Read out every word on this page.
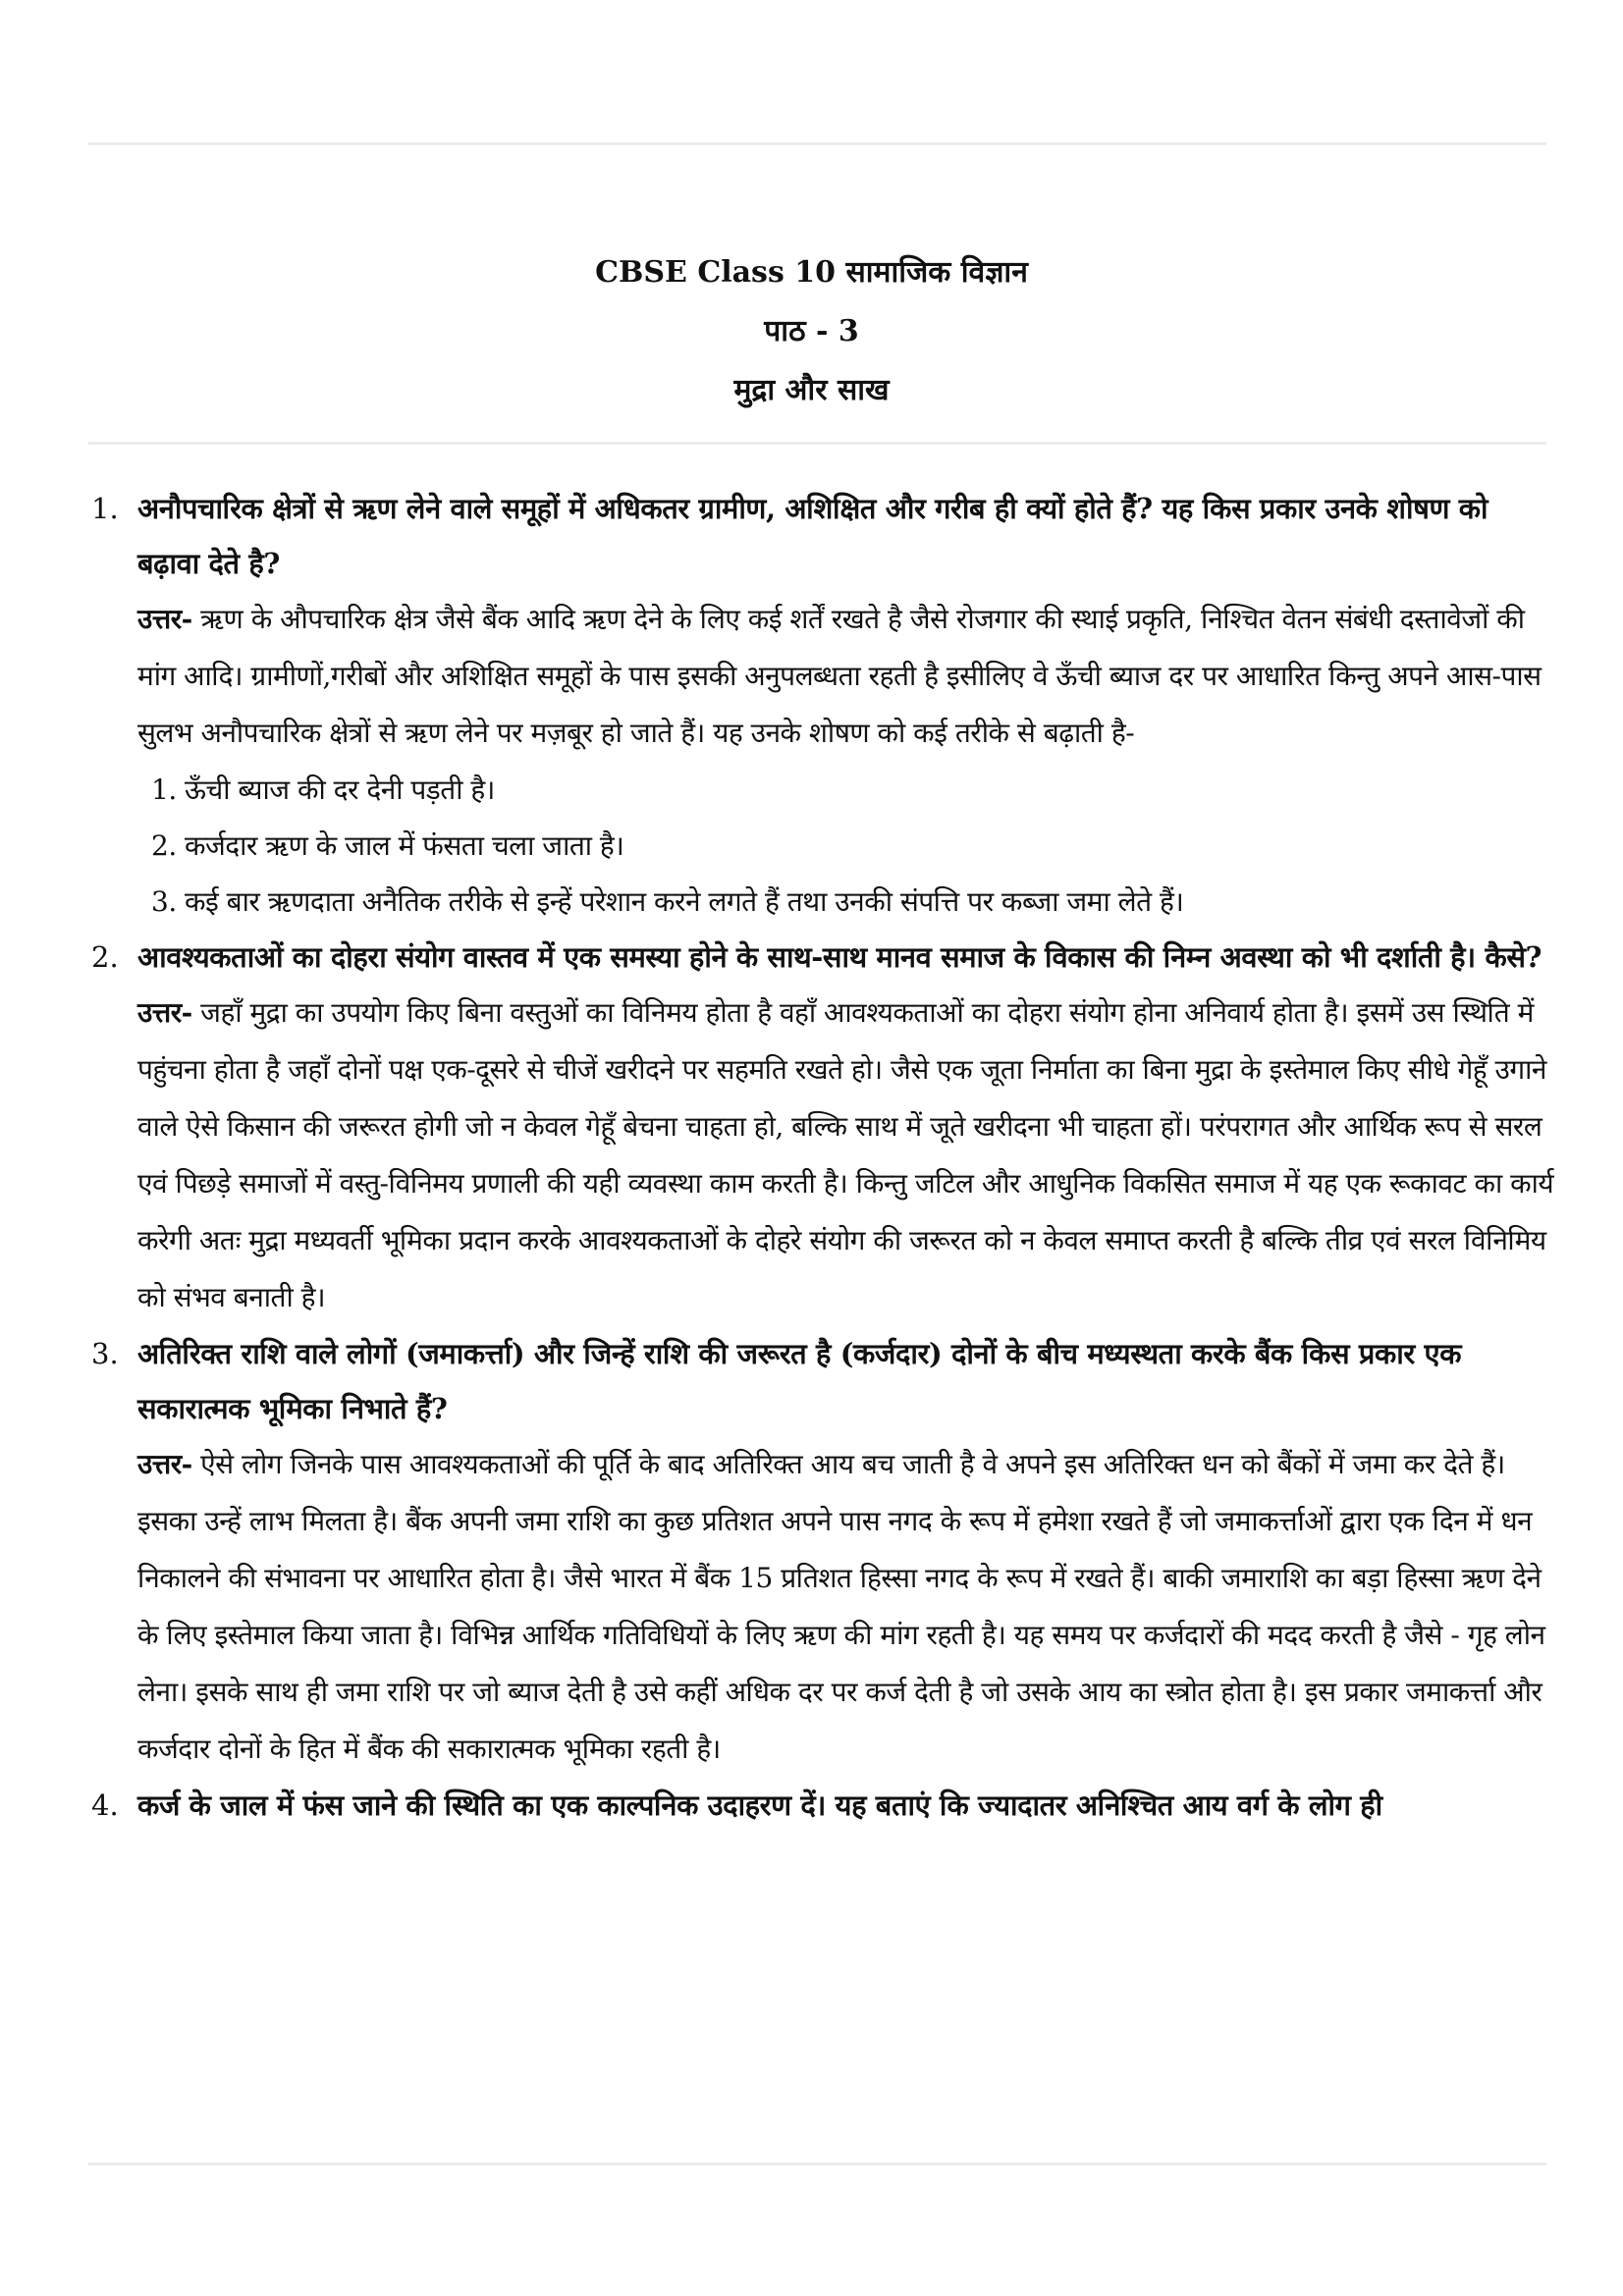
CBSE Class 10 सामाजिक विज्ञान
पाठ - 3
मुद्रा और साख
1. अनौपचारिक क्षेत्रों से ऋण लेने वाले समूहों में अधिकतर ग्रामीण, अशिक्षित और गरीब ही क्यों होते हैं? यह किस प्रकार उनके शोषण को बढ़ावा देते है?
उत्तर- ऋण के औपचारिक क्षेत्र जैसे बैंक आदि ऋण देने के लिए कई शर्तें रखते है जैसे रोजगार की स्थाई प्रकृति, निश्चित वेतन संबंधी दस्तावेजों की मांग आदि। ग्रामीणों,गरीबों और अशिक्षित समूहों के पास इसकी अनुपलब्धता रहती है इसीलिए वे ऊँची ब्याज दर पर आधारित किन्तु अपने आस-पास सुलभ अनौपचारिक क्षेत्रों से ऋण लेने पर मज़बूर हो जाते हैं। यह उनके शोषण को कई तरीके से बढ़ाती है-
1. ऊँची ब्याज की दर देनी पड़ती है।
2. कर्जदार ऋण के जाल में फंसता चला जाता है।
3. कई बार ऋणदाता अनैतिक तरीके से इन्हें परेशान करने लगते हैं तथा उनकी संपत्ति पर कब्जा जमा लेते हैं।
2. आवश्यकताओं का दोहरा संयोग वास्तव में एक समस्या होने के साथ-साथ मानव समाज के विकास की निम्न अवस्था को भी दर्शाती है। कैसे?
उत्तर- जहाँ मुद्रा का उपयोग किए बिना वस्तुओं का विनिमय होता है वहाँ आवश्यकताओं का दोहरा संयोग होना अनिवार्य होता है। इसमें उस स्थिति में पहुंचना होता है जहाँ दोनों पक्ष एक-दूसरे से चीजें खरीदने पर सहमति रखते हो। जैसे एक जूता निर्माता का बिना मुद्रा के इस्तेमाल किए सीधे गेहूँ उगाने वाले ऐसे किसान की जरूरत होगी जो न केवल गेहूँ बेचना चाहता हो, बल्कि साथ में जूते खरीदना भी चाहता हों। परंपरागत और आर्थिक रूप से सरल एवं पिछड़े समाजों में वस्तु-विनिमय प्रणाली की यही व्यवस्था काम करती है। किन्तु जटिल और आधुनिक विकसित समाज में यह एक रूकावट का कार्य करेगी अतः मुद्रा मध्यवर्ती भूमिका प्रदान करके आवश्यकताओं के दोहरे संयोग की जरूरत को न केवल समाप्त करती है बल्कि तीव्र एवं सरल विनिमिय को संभव बनाती है।
3. अतिरिक्त राशि वाले लोगों (जमाकर्त्ता) और जिन्हें राशि की जरूरत है (कर्जदार) दोनों के बीच मध्यस्थता करके बैंक किस प्रकार एक सकारात्मक भूमिका निभाते हैं?
उत्तर- ऐसे लोग जिनके पास आवश्यकताओं की पूर्ति के बाद अतिरिक्त आय बच जाती है वे अपने इस अतिरिक्त धन को बैंकों में जमा कर देते हैं। इसका उन्हें लाभ मिलता है। बैंक अपनी जमा राशि का कुछ प्रतिशत अपने पास नगद के रूप में हमेशा रखते हैं जो जमाकर्त्ताओं द्वारा एक दिन में धन निकालने की संभावना पर आधारित होता है। जैसे भारत में बैंक 15 प्रतिशत हिस्सा नगद के रूप में रखते हैं। बाकी जमाराशि का बड़ा हिस्सा ऋण देने के लिए इस्तेमाल किया जाता है। विभिन्न आर्थिक गतिविधियों के लिए ऋण की मांग रहती है। यह समय पर कर्जदारों की मदद करती है जैसे - गृह लोन लेना। इसके साथ ही जमा राशि पर जो ब्याज देती है उसे कहीं अधिक दर पर कर्ज देती है जो उसके आय का स्त्रोत होता है। इस प्रकार जमाकर्त्ता और कर्जदार दोनों के हित में बैंक की सकारात्मक भूमिका रहती है।
4. कर्ज के जाल में फंस जाने की स्थिति का एक काल्पनिक उदाहरण दें। यह बताएं कि ज्यादातर अनिश्चित आय वर्ग के लोग ही
